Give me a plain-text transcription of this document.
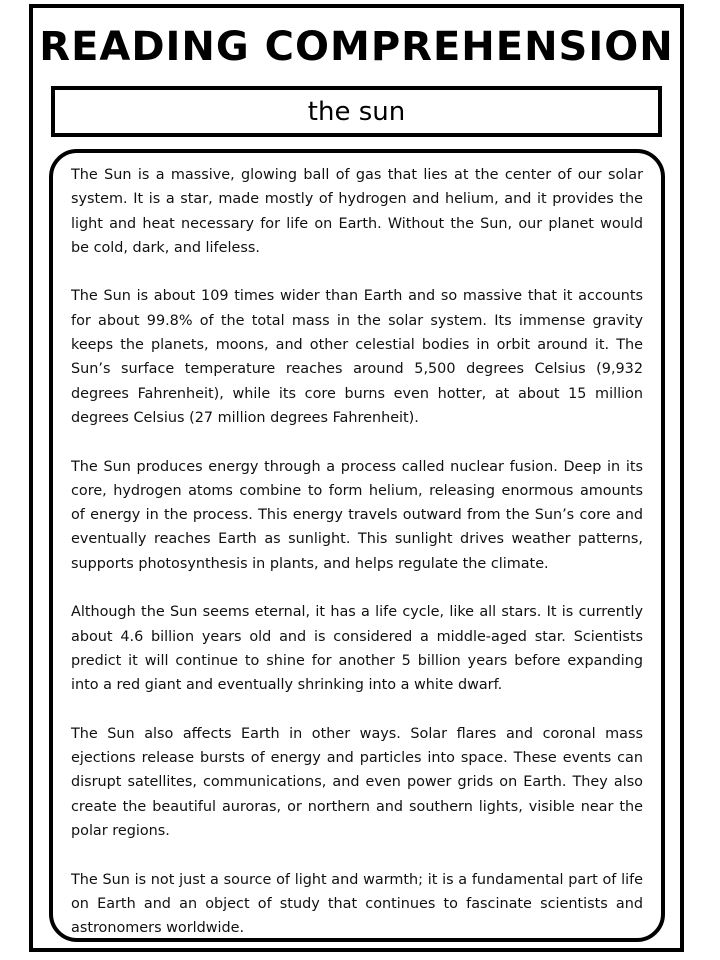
READING COMPREHENSION
the sun

The Sun is a massive, glowing ball of gas that lies at the center of our solar system. It is a star, made mostly of hydrogen and helium, and it provides the light and heat necessary for life on Earth. Without the Sun, our planet would be cold, dark, and lifeless.

The Sun is about 109 times wider than Earth and so massive that it accounts for about 99.8% of the total mass in the solar system. Its immense gravity keeps the planets, moons, and other celestial bodies in orbit around it. The Sun’s surface temperature reaches around 5,500 degrees Celsius (9,932 degrees Fahrenheit), while its core burns even hotter, at about 15 million degrees Celsius (27 million degrees Fahrenheit).

The Sun produces energy through a process called nuclear fusion. Deep in its core, hydrogen atoms combine to form helium, releasing enormous amounts of energy in the process. This energy travels outward from the Sun’s core and eventually reaches Earth as sunlight. This sunlight drives weather patterns, supports photosynthesis in plants, and helps regulate the climate.

Although the Sun seems eternal, it has a life cycle, like all stars. It is currently about 4.6 billion years old and is considered a middle-aged star. Scientists predict it will continue to shine for another 5 billion years before expanding into a red giant and eventually shrinking into a white dwarf.

The Sun also affects Earth in other ways. Solar flares and coronal mass ejections release bursts of energy and particles into space. These events can disrupt satellites, communications, and even power grids on Earth. They also create the beautiful auroras, or northern and southern lights, visible near the polar regions.

The Sun is not just a source of light and warmth; it is a fundamental part of life on Earth and an object of study that continues to fascinate scientists and astronomers worldwide.
